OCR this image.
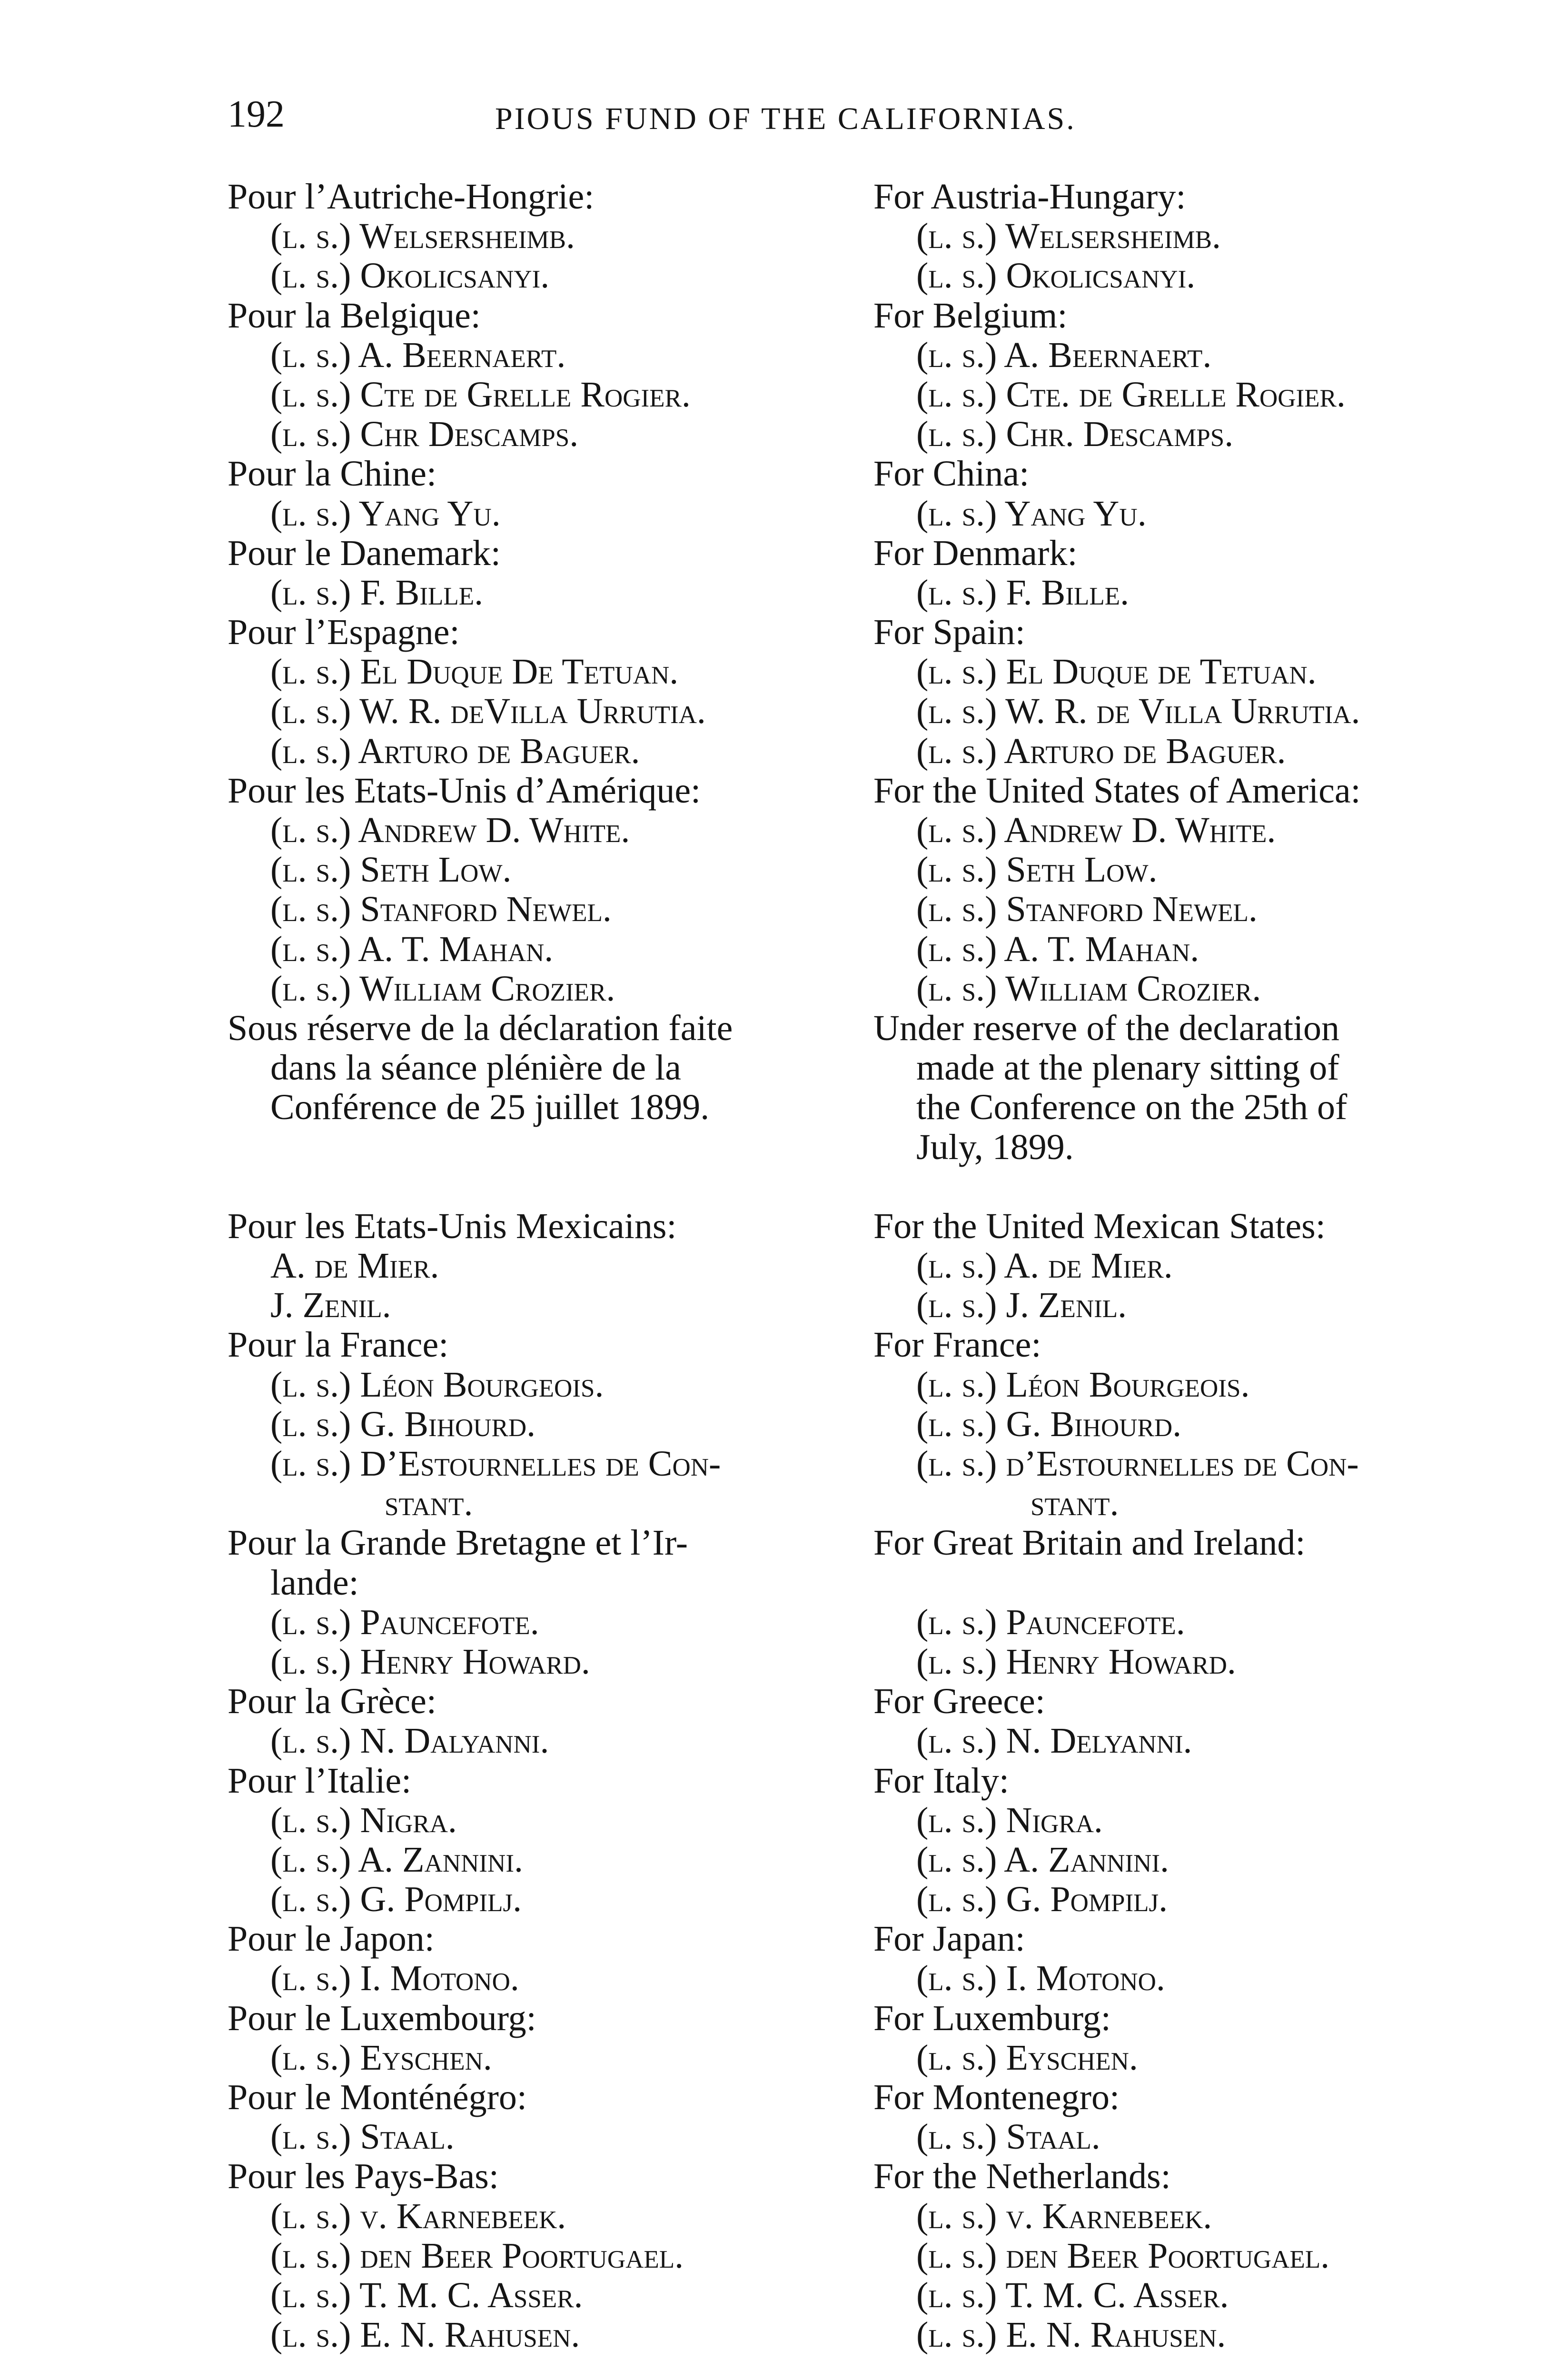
192	PIOUS FUND OF THE CALIFORNIAS.
Pour l’Autriche-Hongrie:
(l. s.) Welsersheimb.
(l. s.) Okolicsanyi.
Pour la Belgique:
(l. s.) A. Beernaert.
(l. s.) Cte de Grelle Rogier.
(l. s.) Chr Descamps.
Pour la Chine:
(l. s.) Yang Yu.
Pour le Danemark:
(l. s.) F. Bille.
Pour l’Espagne:
(l. s.) El Duque De Tetuan.
(l. s.) W. R. deVilla Urrutia.
(l. s.) Arturo de Baguer.
Pour les Etats-Unis d’Amérique:
(l. s.) Andrew D. White.
(l. s.) Seth Low.
(l. s.) Stanford Newel.
(l. s.) A. T. Mahan.
(l. s.) William Crozier.
Sous réserve de la déclaration faite
dans la séance plénière de la
Conférence de 25 juillet 1899.
Pour les Etats-Unis Mexicains:
A. de Mier.
J. Zenil.
Pour la France:
(l. s.) Léon Bourgeois.
(l. s.) G. Bihourd.
(l. s.) D’Estournelles de Con-
stant.
Pour la Grande Bretagne et l’Ir-
lande:
(l. s.) Pauncefote.
(l. s.) Henry Howard.
Pour la Grèce:
(l. s.) N. Dalyanni.
Pour l’Italie:
(l. s.) Nigra.
(l. s.) A. Zannini.
(l. s.) G. Pompilj.
Pour le Japon:
(l. s.) I. Motono.
Pour le Luxembourg:
(l. s.) Eyschen.
Pour le Monténégro:
(l. s.) Staal.
Pour les Pays-Bas:
(l. s.) v. Karnebeek.
(l. s.) den Beer Poortugael.
(l. s.) T. M. C. Asser.
(l. s.) E. N. Rahusen.
For Austria-Hungary:
(l. s.) Welsersheimb.
(l. s.) Okolicsanyi.
For Belgium:
(l. s.) A. Beernaert.
(l. s.) Cte. de Grelle Rogier.
(l. s.) Chr. Descamps.
For China:
(l. s.) Yang Yu.
For Denmark:
(l. s.) F. Bille.
For Spain:
(l. s.) El Duque de Tetuan.
(l. s.) W. R. de Villa Urrutia.
(l. s.) Arturo de Baguer.
For the United States of America:
(l. s.) Andrew D. White.
(l. s.) Seth Low.
(l. s.) Stanford Newel.
(l. s.) A. T. Mahan.
(l. s.) William Crozier.
Under reserve of the declaration
made at the plenary sitting of
the Conference on the 25th of
July, 1899.
For the United Mexican States:
(l. s.) A. de Mier.
(l. s.) J. Zenil.
For France:
(l. s.) Léon Bourgeois.
(l. s.) G. Bihourd.
(l. s.) d’Estournelles de Con-
stant.
For Great Britain and Ireland:
(l. s.) Pauncefote.
(l. s.) Henry Howard.
For Greece:
(l. s.) N. Delyanni.
For Italy:
(l. s.) Nigra.
(l. s.) A. Zannini.
(l. s.) G. Pompilj.
For Japan:
(l. s.) I. Motono.
For Luxemburg:
(l. s.) Eyschen.
For Montenegro:
(l. s.) Staal.
For the Netherlands:
(l. s.) v. Karnebeek.
(l. s.) den Beer Poortugael.
(l. s.) T. M. C. Asser.
(l. s.) E. N. Rahusen.
